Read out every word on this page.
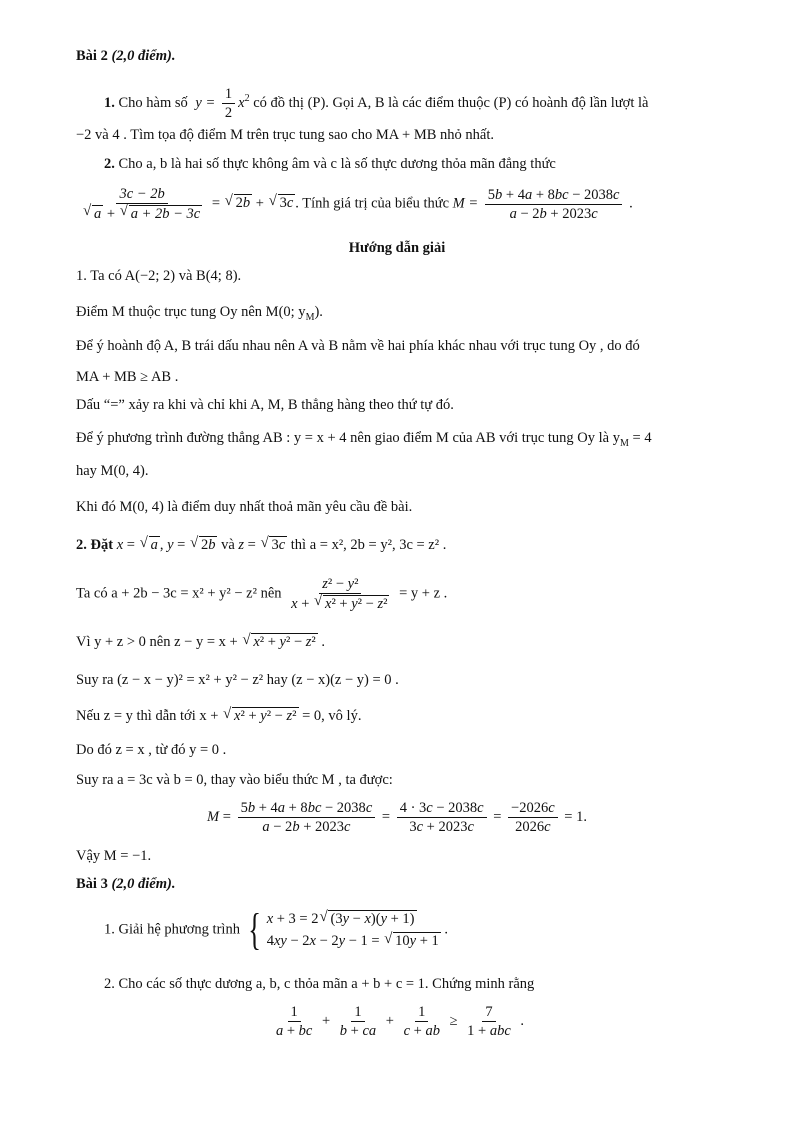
Bài 2 (2,0 điểm).
1. Cho hàm số $y = \frac{1}{2} x^2$ có đồ thị (P). Gọi A, B là các điểm thuộc (P) có hoành độ lần lượt là
−2 và 4 . Tìm tọa độ điểm M trên trục tung sao cho MA + MB nhỏ nhất.
2. Cho a, b là hai số thực không âm và c là số thực dương thỏa mãn đẳng thức
3c − 2b
√ a + √ a + 2b − 3c = √ 2b + √ 3c . Tính giá trị của biểu thức $M = \frac{5b + 4a + 8bc - 2038c}{a - 2b + 2023c}$ .
Hướng dẫn giải
1. Ta có A(−2; 2) và B(4; 8).
Điểm M thuộc trục tung Oy nên M(0; $y_M$).
Để ý hoành độ A, B trái dấu nhau nên A và B nằm về hai phía khác nhau với trục tung Oy , do đó
MA + MB ≥ AB .
Dấu “=” xảy ra khi và chỉ khi A, M, B thẳng hàng theo thứ tự đó.
Để ý phương trình đường thẳng AB : y = x + 4 nên giao điểm M của AB với trục tung Oy là $y_M = 4$
hay M(0, 4).
Khi đó M(0, 4) là điểm duy nhất thoả mãn yêu cầu đề bài.
2. Đặt x = √ a , y = √ 2b và z = √ 3c thì a = x², 2b = y², 3c = z² .
Ta có a + 2b − 3c = x² + y² − z² nên $\frac{\text{z² − y²}}{\text{x + √ x² + y² − z²}} = y + z$ .
Vì y + z > 0 nên z − y = x + √ x² + y² − z² .
Suy ra (z − x − y)² = x² + y² − z² hay (z − x)(z − y) = 0 .
Nếu z = y thì dẫn tới x + √ x² + y² − z² = 0, vô lý.
Do đó z = x , từ đó y = 0 .
Suy ra a = 3c và b = 0, thay vào biểu thức M , ta được:
$M = \frac{5b + 4a + 8bc - 2038c}{a - 2b + 2023c} = \frac{4 \cdot 3c - 2038c}{3c + 2023c} = \frac{-2026c}{2026c} = 1$.
Vậy M = −1.
Bài 3 (2,0 điểm).
1. Giải hệ phương trình { x + 3 = 2 √ (3y − x)(y + 1)
4xy − 2x − 2y − 1 = √ 10y + 1
.
2. Cho các số thực dương a, b, c thỏa mãn a + b + c = 1. Chứng minh rằng
$\frac{1}{a + bc} + \frac{1}{b + ca} + \frac{1}{c + ab}$ ≥
7
1 + abc
.
